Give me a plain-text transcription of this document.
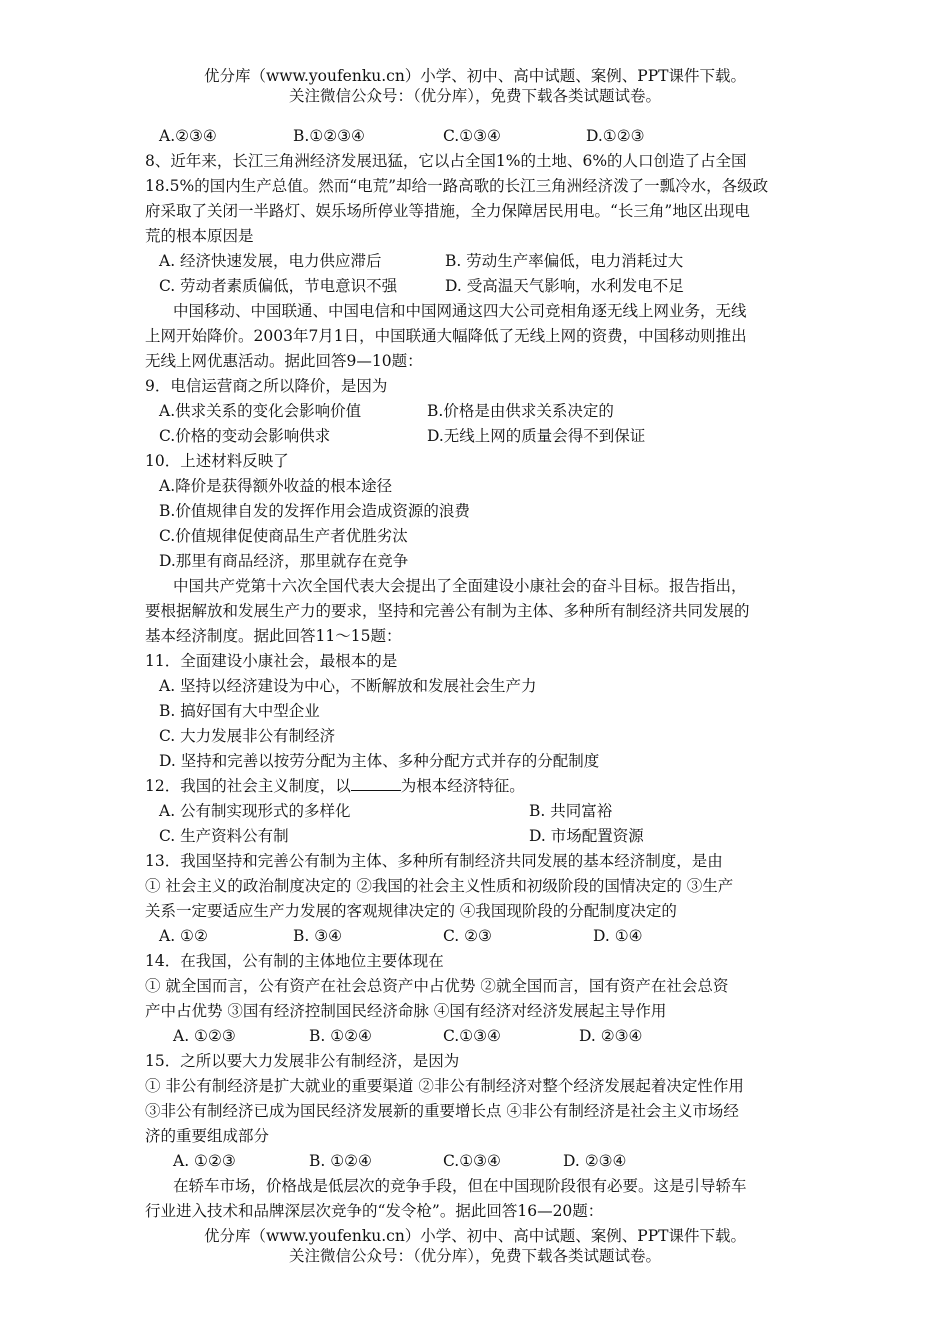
优分库（www.youfenku.cn）小学、初中、高中试题、案例、PPT课件下载。
关注微信公众号：（优分库），免费下载各类试题试卷。
A.②③④	B.①②③④	C.①③④	D.①②③
8、近年来，长江三角洲经济发展迅猛，它以占全国1%的土地、6%的人口创造了占全国
18.5%的国内生产总值。然而“电荒”却给一路高歌的长江三角洲经济泼了一瓢冷水，各级政
府采取了关闭一半路灯、娱乐场所停业等措施，全力保障居民用电。“长三角”地区出现电
荒的根本原因是
A. 经济快速发展，电力供应滞后	B. 劳动生产率偏低，电力消耗过大
C. 劳动者素质偏低，节电意识不强	D. 受高温天气影响，水利发电不足
中国移动、中国联通、中国电信和中国网通这四大公司竞相角逐无线上网业务，无线
上网开始降价。2003年7月1日，中国联通大幅降低了无线上网的资费，中国移动则推出
无线上网优惠活动。据此回答9—10题：
9．电信运营商之所以降价，是因为
A.供求关系的变化会影响价值	B.价格是由供求关系决定的
C.价格的变动会影响供求	D.无线上网的质量会得不到保证
10．上述材料反映了
A.降价是获得额外收益的根本途径
B.价值规律自发的发挥作用会造成资源的浪费
C.价值规律促使商品生产者优胜劣汰
D.那里有商品经济，那里就存在竞争
中国共产党第十六次全国代表大会提出了全面建设小康社会的奋斗目标。报告指出，
要根据解放和发展生产力的要求，坚持和完善公有制为主体、多种所有制经济共同发展的
基本经济制度。据此回答11～15题：
11．全面建设小康社会，最根本的是
A. 坚持以经济建设为中心，不断解放和发展社会生产力
B. 搞好国有大中型企业
C. 大力发展非公有制经济
D. 坚持和完善以按劳分配为主体、多种分配方式并存的分配制度
12．我国的社会主义制度，以	为根本经济特征。
A. 公有制实现形式的多样化	B. 共同富裕
C. 生产资料公有制	D. 市场配置资源
13．我国坚持和完善公有制为主体、多种所有制经济共同发展的基本经济制度，是由
① 社会主义的政治制度决定的 ②我国的社会主义性质和初级阶段的国情决定的 ③生产
关系一定要适应生产力发展的客观规律决定的 ④我国现阶段的分配制度决定的
A. ①②	B. ③④	C. ②③	D. ①④
14．在我国，公有制的主体地位主要体现在
① 就全国而言，公有资产在社会总资产中占优势 ②就全国而言，国有资产在社会总资
产中占优势 ③国有经济控制国民经济命脉 ④国有经济对经济发展起主导作用
A. ①②③	B. ①②④	C.①③④	D. ②③④
15．之所以要大力发展非公有制经济，是因为
① 非公有制经济是扩大就业的重要渠道 ②非公有制经济对整个经济发展起着决定性作用
③非公有制经济已成为国民经济发展新的重要增长点 ④非公有制经济是社会主义市场经
济的重要组成部分
A. ①②③	B. ①②④	C.①③④	D. ②③④
在轿车市场，价格战是低层次的竞争手段，但在中国现阶段很有必要。这是引导轿车
行业进入技术和品牌深层次竞争的“发令枪”。据此回答16—20题：
优分库（www.youfenku.cn）小学、初中、高中试题、案例、PPT课件下载。
关注微信公众号：（优分库），免费下载各类试题试卷。
